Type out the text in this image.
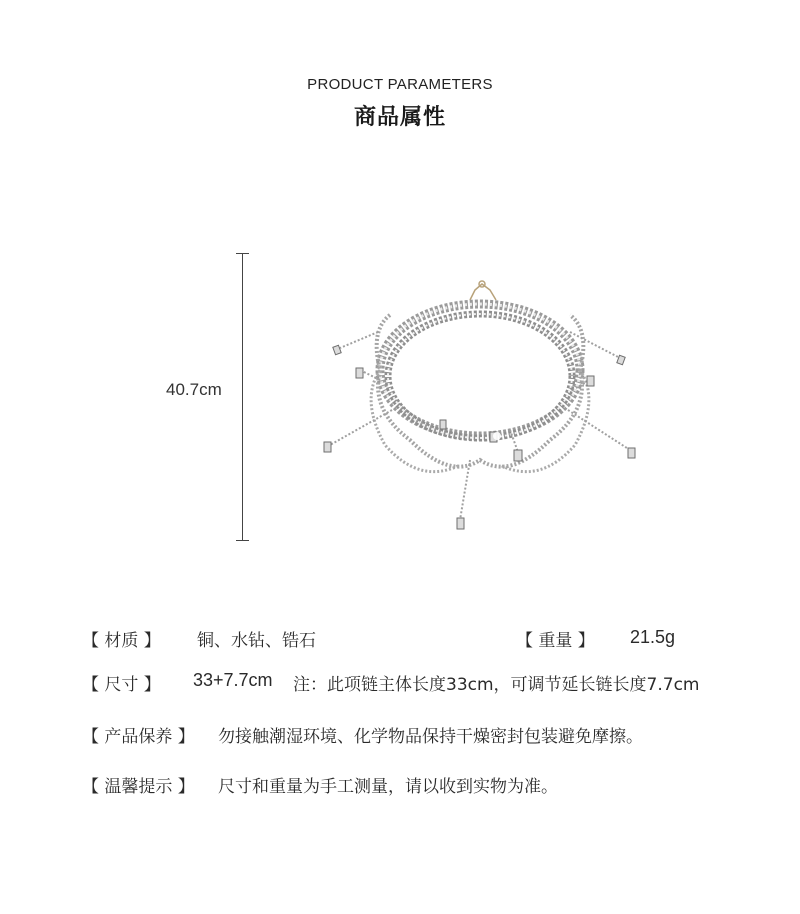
PRODUCT PARAMETERS
商品属性
40.7cm
【 材质 】 铜、水钻、锆石	【 重量 】 21.5g
【 尺寸 】 33+7.7cm 注：此项链主体长度33cm，可调节延长链长度7.7cm
【 产品保养 】 勿接触潮湿环境、化学物品保持干燥密封包装避免摩擦。
【 温馨提示 】 尺寸和重量为手工测量，请以收到实物为准。
